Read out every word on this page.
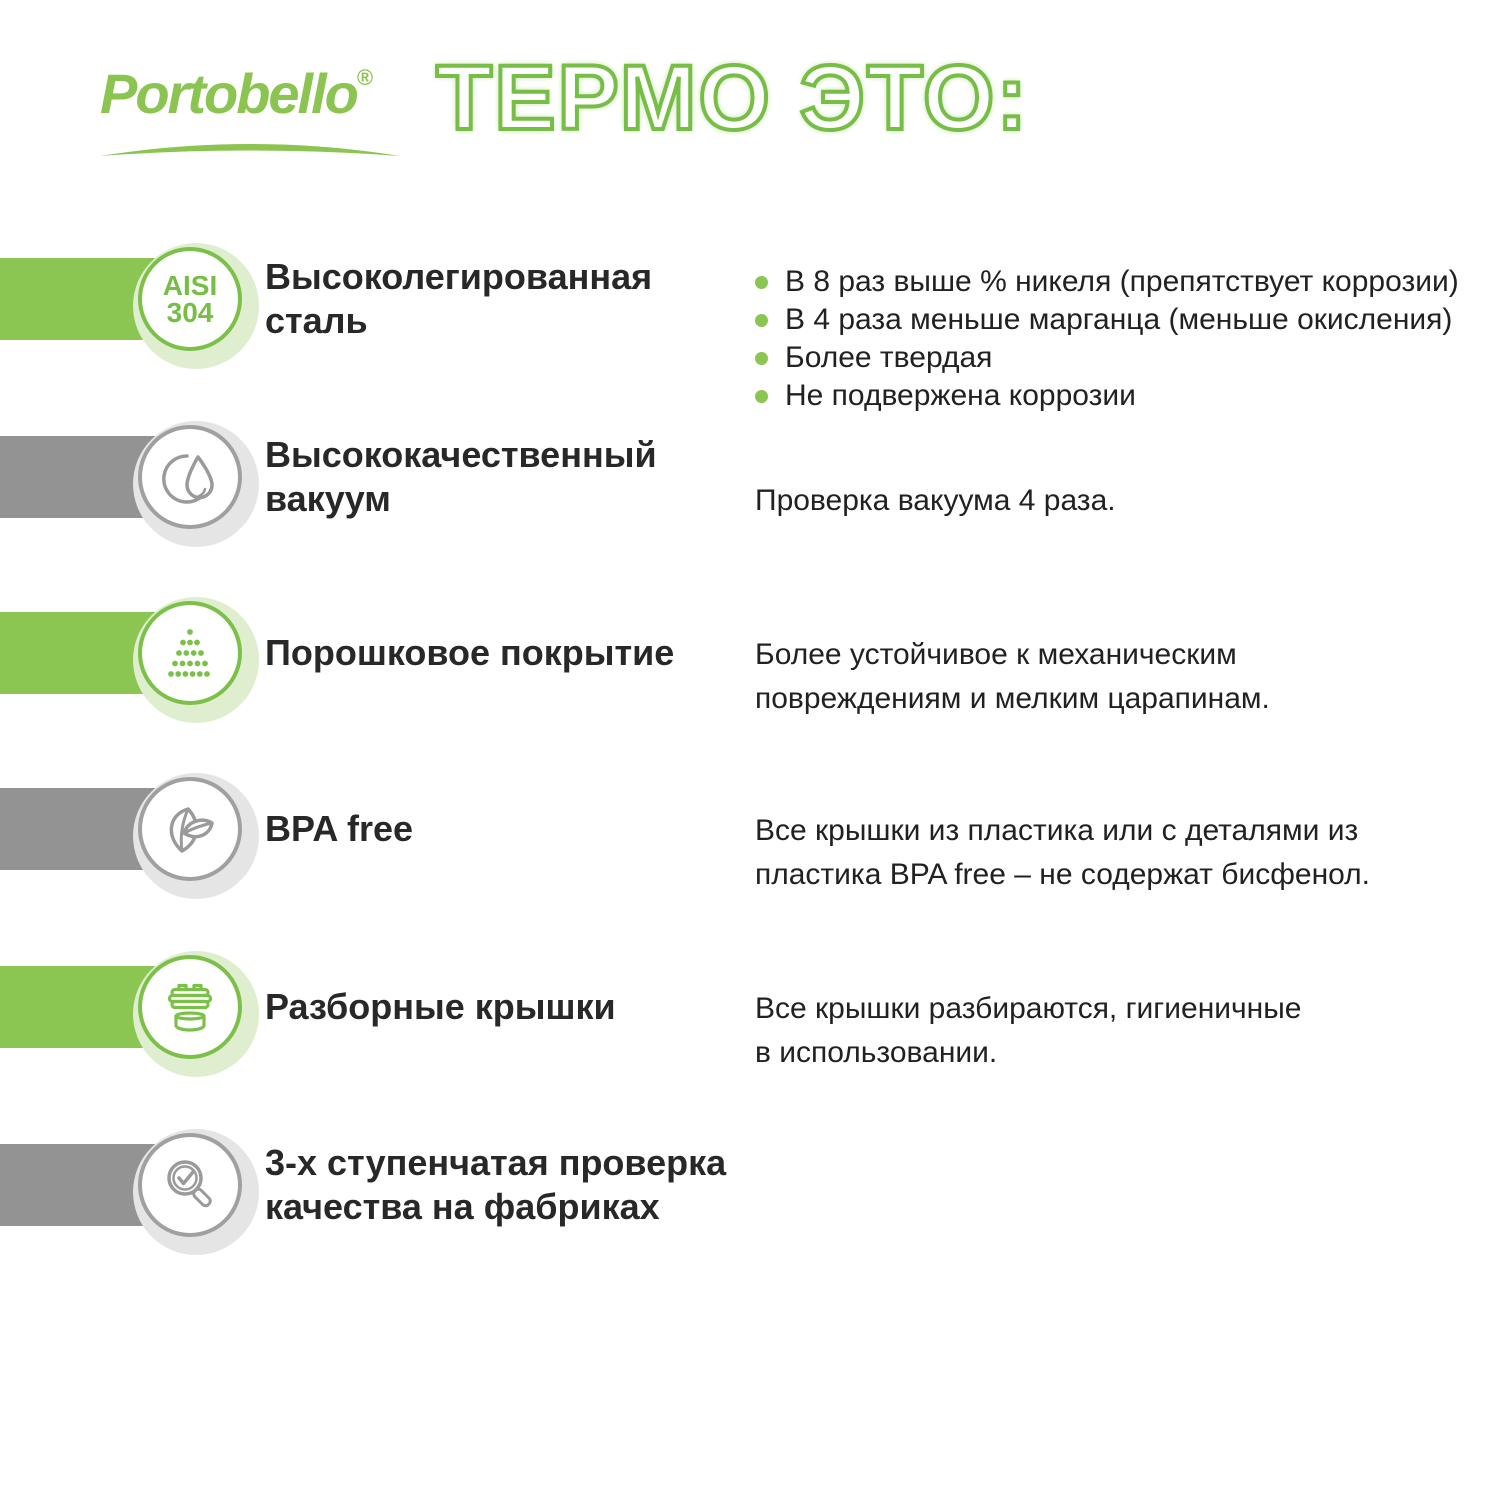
Portobello® ТЕРМО ЭТО:
AISI
304
Высоколегированная
сталь
В 8 раз выше % никеля (препятствует коррозии)
В 4 раза меньше марганца (меньше окисления)
Более твердая
Не подвержена коррозии
Высококачественный
вакуум	Проверка вакуума 4 раза.
Порошковое покрытие	Более устойчивое к механическим
повреждениям и мелким царапинам.
BPA free	Все крышки из пластика или с деталями из
пластика BPA free – не содержат бисфенол.
Разборные крышки	Все крышки разбираются, гигиеничные
в использовании.
3-х ступенчатая проверка
качества на фабриках
